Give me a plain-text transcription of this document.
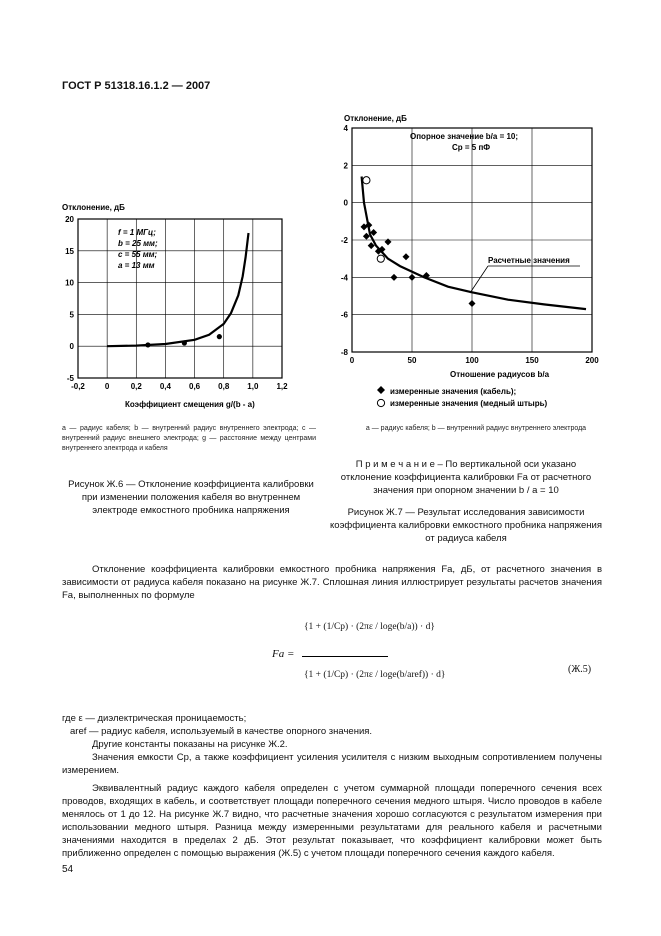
ГОСТ Р 51318.16.1.2 — 2007
Отклонение, дБ
-0,2	0	0,2 0,4 0,6 0,8 1,0 1,2
-5
0
5
10
15
20
f = 1 МГц;
b = 25 мм;
c = 55 мм;
a = 13 мм
Коэффициент смещения g/(b - a)
Отклонение, дБ
0	50	100	150	200
-8
-6
-4
-2
0
2
4
Опорное значение b/a = 10;
Cp = 5 пФ
Расчетные значения
Отношение радиусов b/a
измеренные значения (кабель);
измеренные значения (медный штырь)
a — радиус кабеля; b — внутренний радиус внутреннего электрода; c — внутренний радиус внешнего электрода; g — расстояние между центрами внутреннего электрода и кабеля
Рисунок Ж.6 — Отклонение коэффициента калибровки при изменении положения кабеля во внутреннем электроде емкостного пробника напряжения
a — радиус кабеля; b — внутренний радиус внутреннего электрода
П р и м е ч а н и е – По вертикальной оси указано отклонение коэффициента калибровки Fa от расчетного значения при опорном значении b / a = 10
Рисунок Ж.7 — Результат исследования зависимости коэффициента калибровки емкостного пробника напряжения от радиуса кабеля
Отклонение коэффициента калибровки емкостного пробника напряжения Fa, дБ, от расчетного значения в зависимости от радиуса кабеля показано на рисунке Ж.7. Сплошная линия иллюстрирует результаты расчетов значения Fa, выполненных по формуле
Fa =
{1 + (1/Cp) · (2πε / loge(b/a)) · d}
{1 + (1/Cp) · (2πε / loge(b/aref)) · d}	(Ж.5)
где ε — диэлектрическая проницаемость;
aref — радиус кабеля, используемый в качестве опорного значения.
Другие константы показаны на рисунке Ж.2.
Значения емкости Cp, а также коэффициент усиления усилителя с низким выходным сопротивлением получены измерением.
Эквивалентный радиус каждого кабеля определен с учетом суммарной площади поперечного сечения всех проводов, входящих в кабель, и соответствует площади поперечного сечения медного штыря. Число проводов в кабеле менялось от 1 до 12. На рисунке Ж.7 видно, что расчетные значения хорошо согласуются с результатом измерения при использовании медного штыря. Разница между измеренными результатами для реального кабеля и расчетными значениями находится в пределах 2 дБ. Этот результат показывает, что коэффициент калибровки может быть приближенно определен с помощью выражения (Ж.5) с учетом площади поперечного сечения каждого кабеля.
54
